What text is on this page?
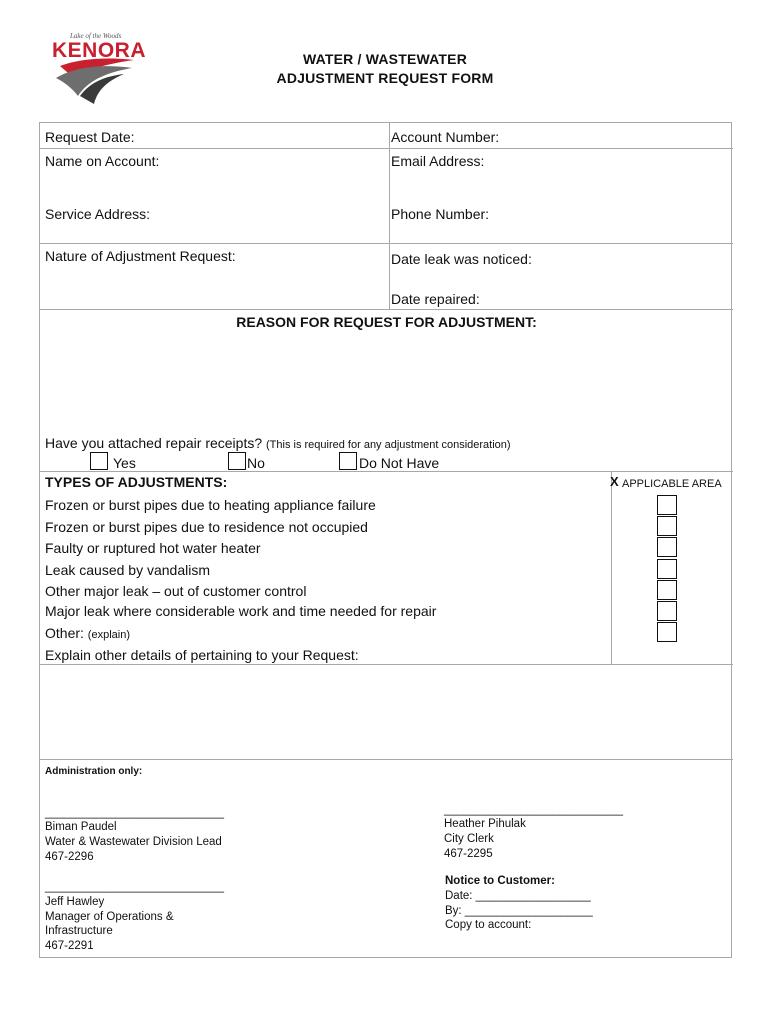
Lake of the Woods
KENORA	WATER / WASTEWATER
ADJUSTMENT REQUEST FORM
Request Date:	Account Number:
Name on Account:	Email Address:
Service Address:	Phone Number:
Nature of Adjustment Request:	Date leak was noticed:
Date repaired:
REASON FOR REQUEST FOR ADJUSTMENT:
Have you attached repair receipts? (This is required for any adjustment consideration)
Yes	No	Do Not Have
TYPES OF ADJUSTMENTS:	X APPLICABLE AREA
Frozen or burst pipes due to heating appliance failure
Frozen or burst pipes due to residence not occupied
Faulty or ruptured hot water heater
Leak caused by vandalism
Other major leak – out of customer control
Major leak where considerable work and time needed for repair
Other: (explain)
Explain other details of pertaining to your Request:
Administration only:
____________________________
Biman Paudel
Water & Wastewater Division Lead
467-2296
____________________________
Heather Pihulak
City Clerk
467-2295
____________________________
Jeff Hawley
Manager of Operations &
Infrastructure
467-2291
Notice to Customer:
Date: __________________
By: ____________________
Copy to account:
